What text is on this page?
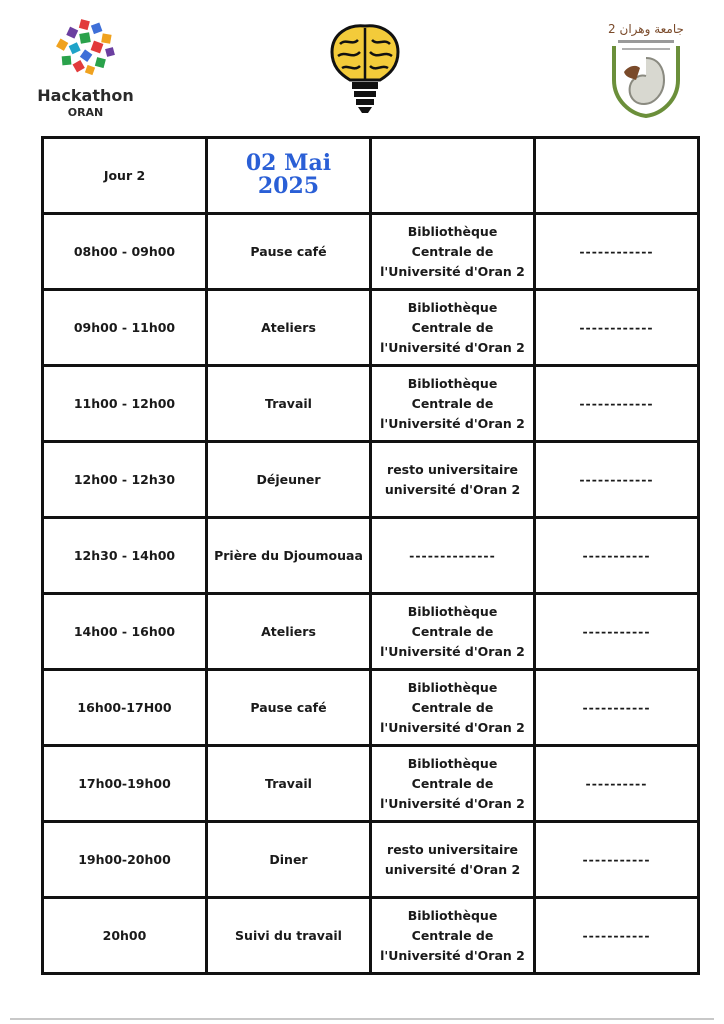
Hackathon
ORAN
جامعة وهران 2
Jour 2	02 Mai 2025		
08h00 - 09h00	Pause café	Bibliothèque Centrale de l'Université d'Oran 2	------------
09h00 - 11h00	Ateliers	Bibliothèque Centrale de l'Université d'Oran 2	------------
11h00 - 12h00	Travail	Bibliothèque Centrale de l'Université d'Oran 2	------------
12h00 - 12h30	Déjeuner	resto universitaire université d'Oran 2	------------
12h30 - 14h00	Prière du Djoumouaa	--------------	-----------
14h00 - 16h00	Ateliers	Bibliothèque Centrale de l'Université d'Oran 2	-----------
16h00-17H00	Pause café	Bibliothèque Centrale de l'Université d'Oran 2	-----------
17h00-19h00	Travail	Bibliothèque Centrale de l'Université d'Oran 2	----------
19h00-20h00	Diner	resto universitaire université d'Oran 2	-----------
20h00	Suivi du travail	Bibliothèque Centrale de l'Université d'Oran 2	-----------
